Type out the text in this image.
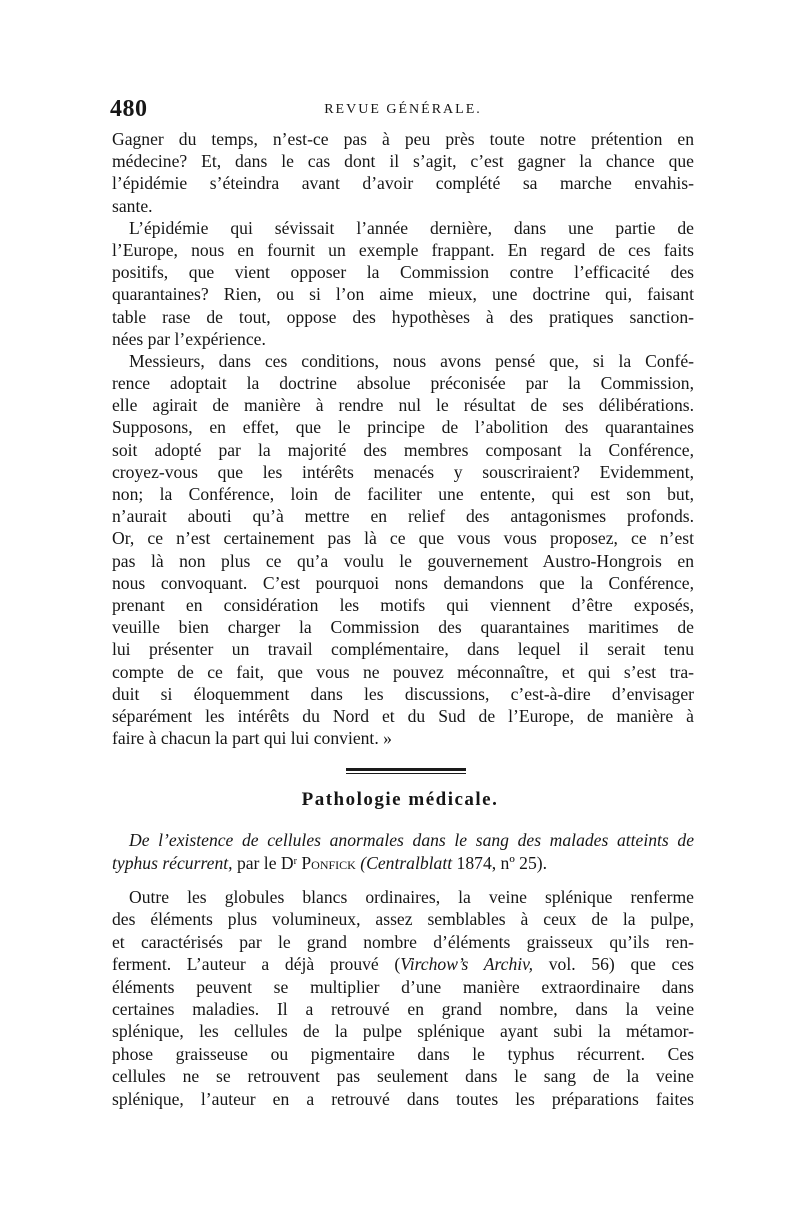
480	REVUE GÉNÉRALE.
Gagner du temps, n’est-ce pas à peu près toute notre prétention en
médecine? Et, dans le cas dont il s’agit, c’est gagner la chance que
l’épidémie s’éteindra avant d’avoir complété sa marche envahis-
sante.
L’épidémie qui sévissait l’année dernière, dans une partie de
l’Europe, nous en fournit un exemple frappant. En regard de ces faits
positifs, que vient opposer la Commission contre l’efficacité des
quarantaines? Rien, ou si l’on aime mieux, une doctrine qui, faisant
table rase de tout, oppose des hypothèses à des pratiques sanction-
nées par l’expérience.
Messieurs, dans ces conditions, nous avons pensé que, si la Confé-
rence adoptait la doctrine absolue préconisée par la Commission,
elle agirait de manière à rendre nul le résultat de ses délibérations.
Supposons, en effet, que le principe de l’abolition des quarantaines
soit adopté par la majorité des membres composant la Conférence,
croyez-vous que les intérêts menacés y souscriraient? Evidemment,
non; la Conférence, loin de faciliter une entente, qui est son but,
n’aurait abouti qu’à mettre en relief des antagonismes profonds.
Or, ce n’est certainement pas là ce que vous vous proposez, ce n’est
pas là non plus ce qu’a voulu le gouvernement Austro-Hongrois en
nous convoquant. C’est pourquoi nons demandons que la Conférence,
prenant en considération les motifs qui viennent d’être exposés,
veuille bien charger la Commission des quarantaines maritimes de
lui présenter un travail complémentaire, dans lequel il serait tenu
compte de ce fait, que vous ne pouvez méconnaître, et qui s’est tra-
duit si éloquemment dans les discussions, c’est-à-dire d’envisager
séparément les intérêts du Nord et du Sud de l’Europe, de manière à
faire à chacun la part qui lui convient. »
Pathologie médicale.
De l’existence de cellules anormales dans le sang des malades atteints de
typhus récurrent, par le $D^r$ Ponfick (Centralblatt 1874, nº 25).
Outre les globules blancs ordinaires, la veine splénique renferme
des éléments plus volumineux, assez semblables à ceux de la pulpe,
et caractérisés par le grand nombre d’éléments graisseux qu’ils ren-
ferment. L’auteur a déjà prouvé (Virchow’s Archiv, vol. 56) que ces
éléments peuvent se multiplier d’une manière extraordinaire dans
certaines maladies. Il a retrouvé en grand nombre, dans la veine
splénique, les cellules de la pulpe splénique ayant subi la métamor-
phose graisseuse ou pigmentaire dans le typhus récurrent. Ces
cellules ne se retrouvent pas seulement dans le sang de la veine
splénique, l’auteur en a retrouvé dans toutes les préparations faites
